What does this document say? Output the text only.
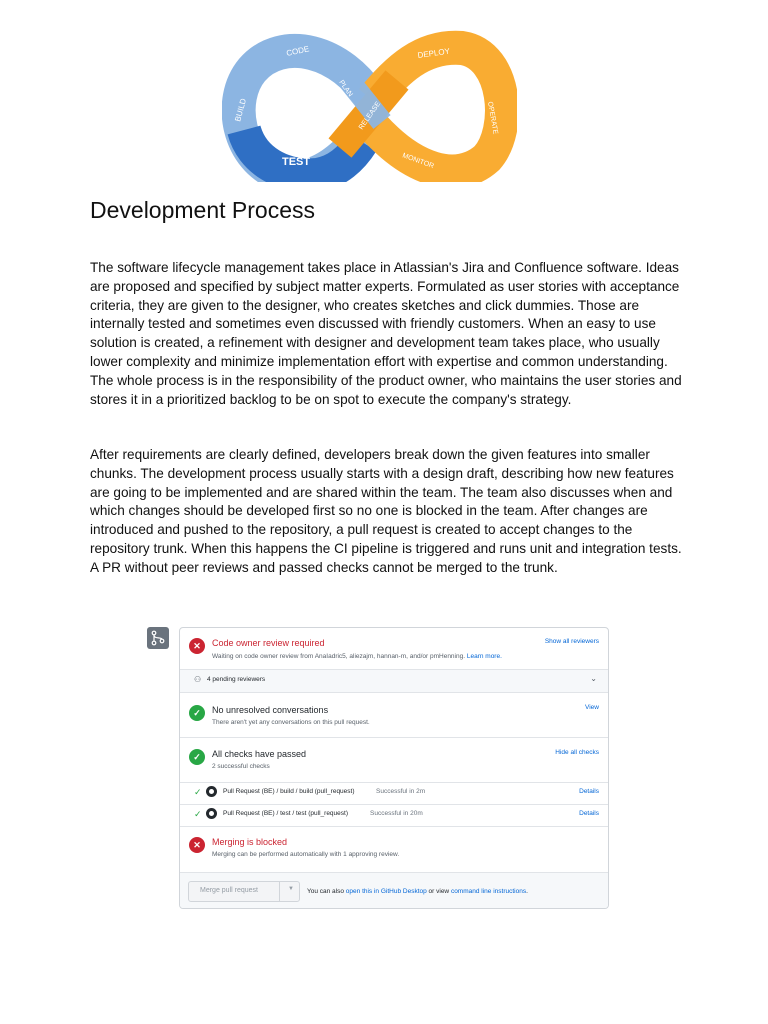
CODE
PLAN
BUILD
TEST
DEPLOY
RELEASE	OPERATE
MONITOR
Development Process

The software lifecycle management takes place in Atlassian's Jira and Confluence software. Ideas are proposed and specified by subject matter experts. Formulated as user stories with acceptance criteria, they are given to the designer, who creates sketches and click dummies. Those are internally tested and sometimes even discussed with friendly customers. When an easy to use solution is created, a refinement with designer and development team takes place, who usually lower complexity and minimize implementation effort with expertise and common understanding. The whole process is in the responsibility of the product owner, who maintains the user stories and stores it in a prioritized backlog to be on spot to execute the company's strategy.

After requirements are clearly defined, developers break down the given features into smaller chunks. The development process usually starts with a design draft, describing how new features are going to be implemented and are shared within the team. The team also discusses when and which changes should be developed first so no one is blocked in the team. After changes are introduced and pushed to the repository, a pull request is created to accept changes to the repository trunk. When this happens the CI pipeline is triggered and runs unit and integration tests. A PR without peer reviews and passed checks cannot be merged to the trunk.

✕	Code owner review required
Waiting on code owner review from AnaIadric5, aliezajm, hannan-m, and/or pmHenning. Learn more.
Show all reviewers
⚇ 4 pending reviewers	⌄
✓	No unresolved conversations
There aren't yet any conversations on this pull request.
View
✓	All checks have passed
2 successful checks
Hide all checks
✓	Pull Request (BE) / build / build (pull_request)	Successful in 2m	Details
✓	Pull Request (BE) / test / test (pull_request)	Successful in 20m	Details
✕	Merging is blocked
Merging can be performed automatically with 1 approving review.
Merge pull request	▼ You can also open this in GitHub Desktop or view command line instructions.
